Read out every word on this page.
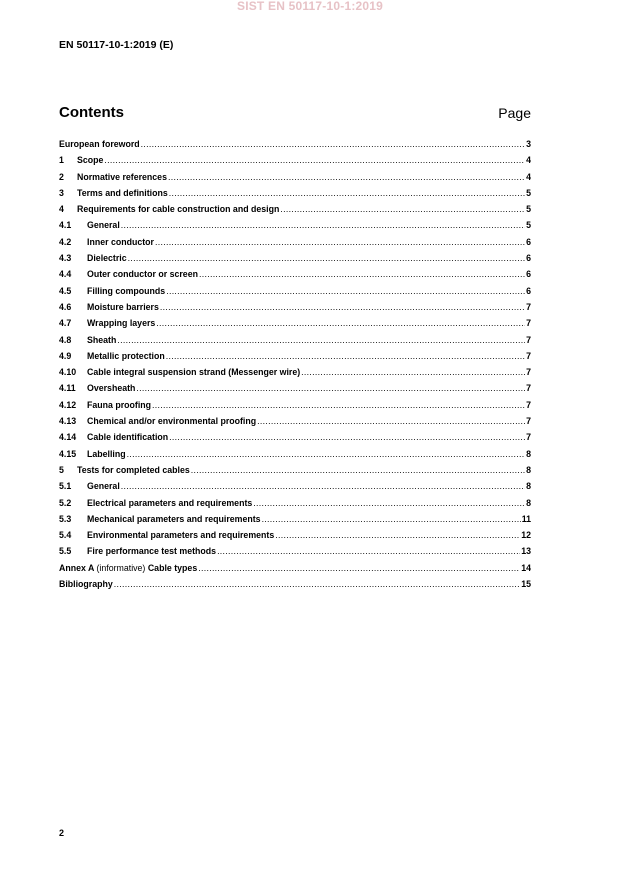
SIST EN 50117-10-1:2019
EN 50117-10-1:2019 (E)
Contents	Page
European foreword .....	3
1	Scope .....	4
2	Normative references .....	4
3	Terms and definitions .....	5
4	Requirements for cable construction and design .....	5
4.1	General .....	5
4.2	Inner conductor .....	6
4.3	Dielectric .....	6
4.4	Outer conductor or screen .....	6
4.5	Filling compounds .....	6
4.6	Moisture barriers .....	7
4.7	Wrapping layers .....	7
4.8	Sheath .....	7
4.9	Metallic protection .....	7
4.10	Cable integral suspension strand (Messenger wire) .....	7
4.11	Oversheath .....	7
4.12	Fauna proofing .....	7
4.13	Chemical and/or environmental proofing .....	7
4.14	Cable identification .....	7
4.15	Labelling .....	8
5	Tests for completed cables .....	8
5.1	General .....	8
5.2	Electrical parameters and requirements .....	8
5.3	Mechanical parameters and requirements .....	11
5.4	Environmental parameters and requirements .....	12
5.5	Fire performance test methods .....	13
Annex A (informative) Cable types .....	14
Bibliography .....	15
2
